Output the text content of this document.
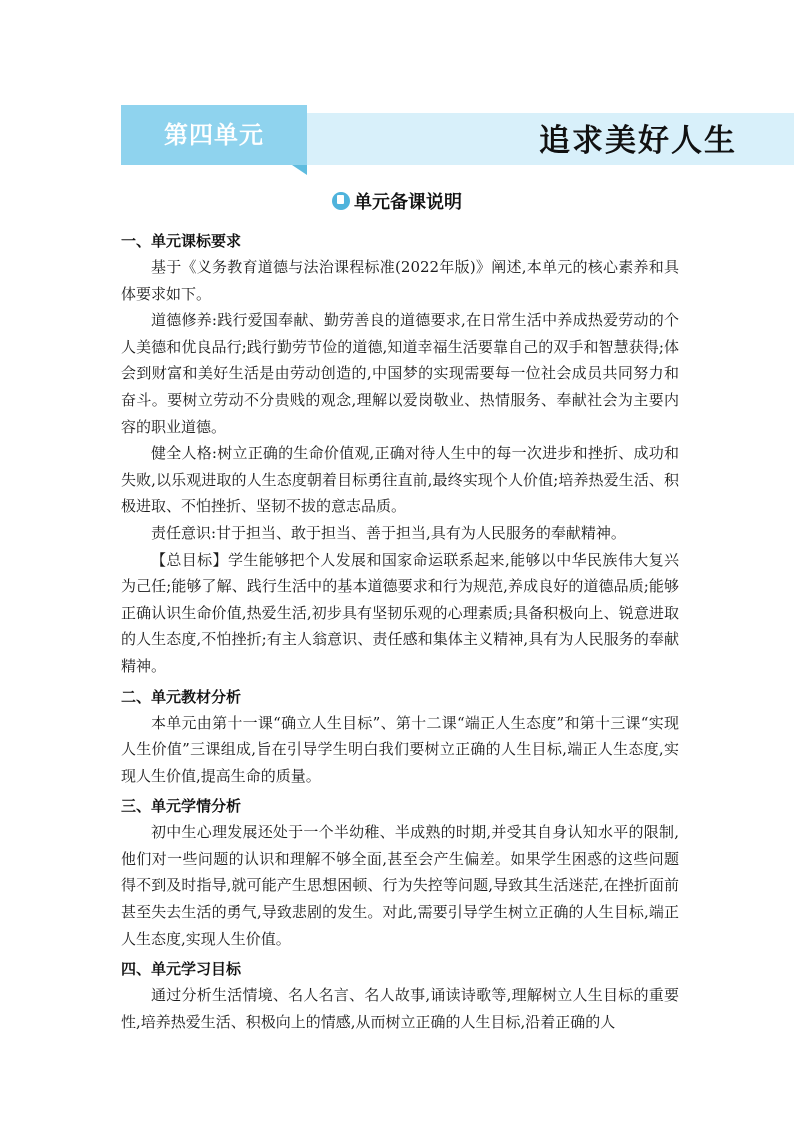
第四单元	追求美好人生
单元备课说明
一、单元课标要求

基于《义务教育道德与法治课程标准(2022年版)》阐述,本单元的核心素养和具体要求如下。

道德修养:践行爱国奉献、勤劳善良的道德要求,在日常生活中养成热爱劳动的个人美德和优良品行;践行勤劳节俭的道德,知道幸福生活要靠自己的双手和智慧获得;体会到财富和美好生活是由劳动创造的,中国梦的实现需要每一位社会成员共同努力和奋斗。要树立劳动不分贵贱的观念,理解以爱岗敬业、热情服务、奉献社会为主要内容的职业道德。

健全人格:树立正确的生命价值观,正确对待人生中的每一次进步和挫折、成功和失败,以乐观进取的人生态度朝着目标勇往直前,最终实现个人价值;培养热爱生活、积极进取、不怕挫折、坚韧不拔的意志品质。

责任意识:甘于担当、敢于担当、善于担当,具有为人民服务的奉献精神。

【总目标】学生能够把个人发展和国家命运联系起来,能够以中华民族伟大复兴为己任;能够了解、践行生活中的基本道德要求和行为规范,养成良好的道德品质;能够正确认识生命价值,热爱生活,初步具有坚韧乐观的心理素质;具备积极向上、锐意进取的人生态度,不怕挫折;有主人翁意识、责任感和集体主义精神,具有为人民服务的奉献精神。

二、单元教材分析

本单元由第十一课“确立人生目标”、第十二课“端正人生态度”和第十三课“实现人生价值”三课组成,旨在引导学生明白我们要树立正确的人生目标,端正人生态度,实现人生价值,提高生命的质量。

三、单元学情分析

初中生心理发展还处于一个半幼稚、半成熟的时期,并受其自身认知水平的限制,他们对一些问题的认识和理解不够全面,甚至会产生偏差。如果学生困惑的这些问题得不到及时指导,就可能产生思想困顿、行为失控等问题,导致其生活迷茫,在挫折面前甚至失去生活的勇气,导致悲剧的发生。对此,需要引导学生树立正确的人生目标,端正人生态度,实现人生价值。

四、单元学习目标

通过分析生活情境、名人名言、名人故事,诵读诗歌等,理解树立人生目标的重要性,培养热爱生活、积极向上的情感,从而树立正确的人生目标,沿着正确的人
